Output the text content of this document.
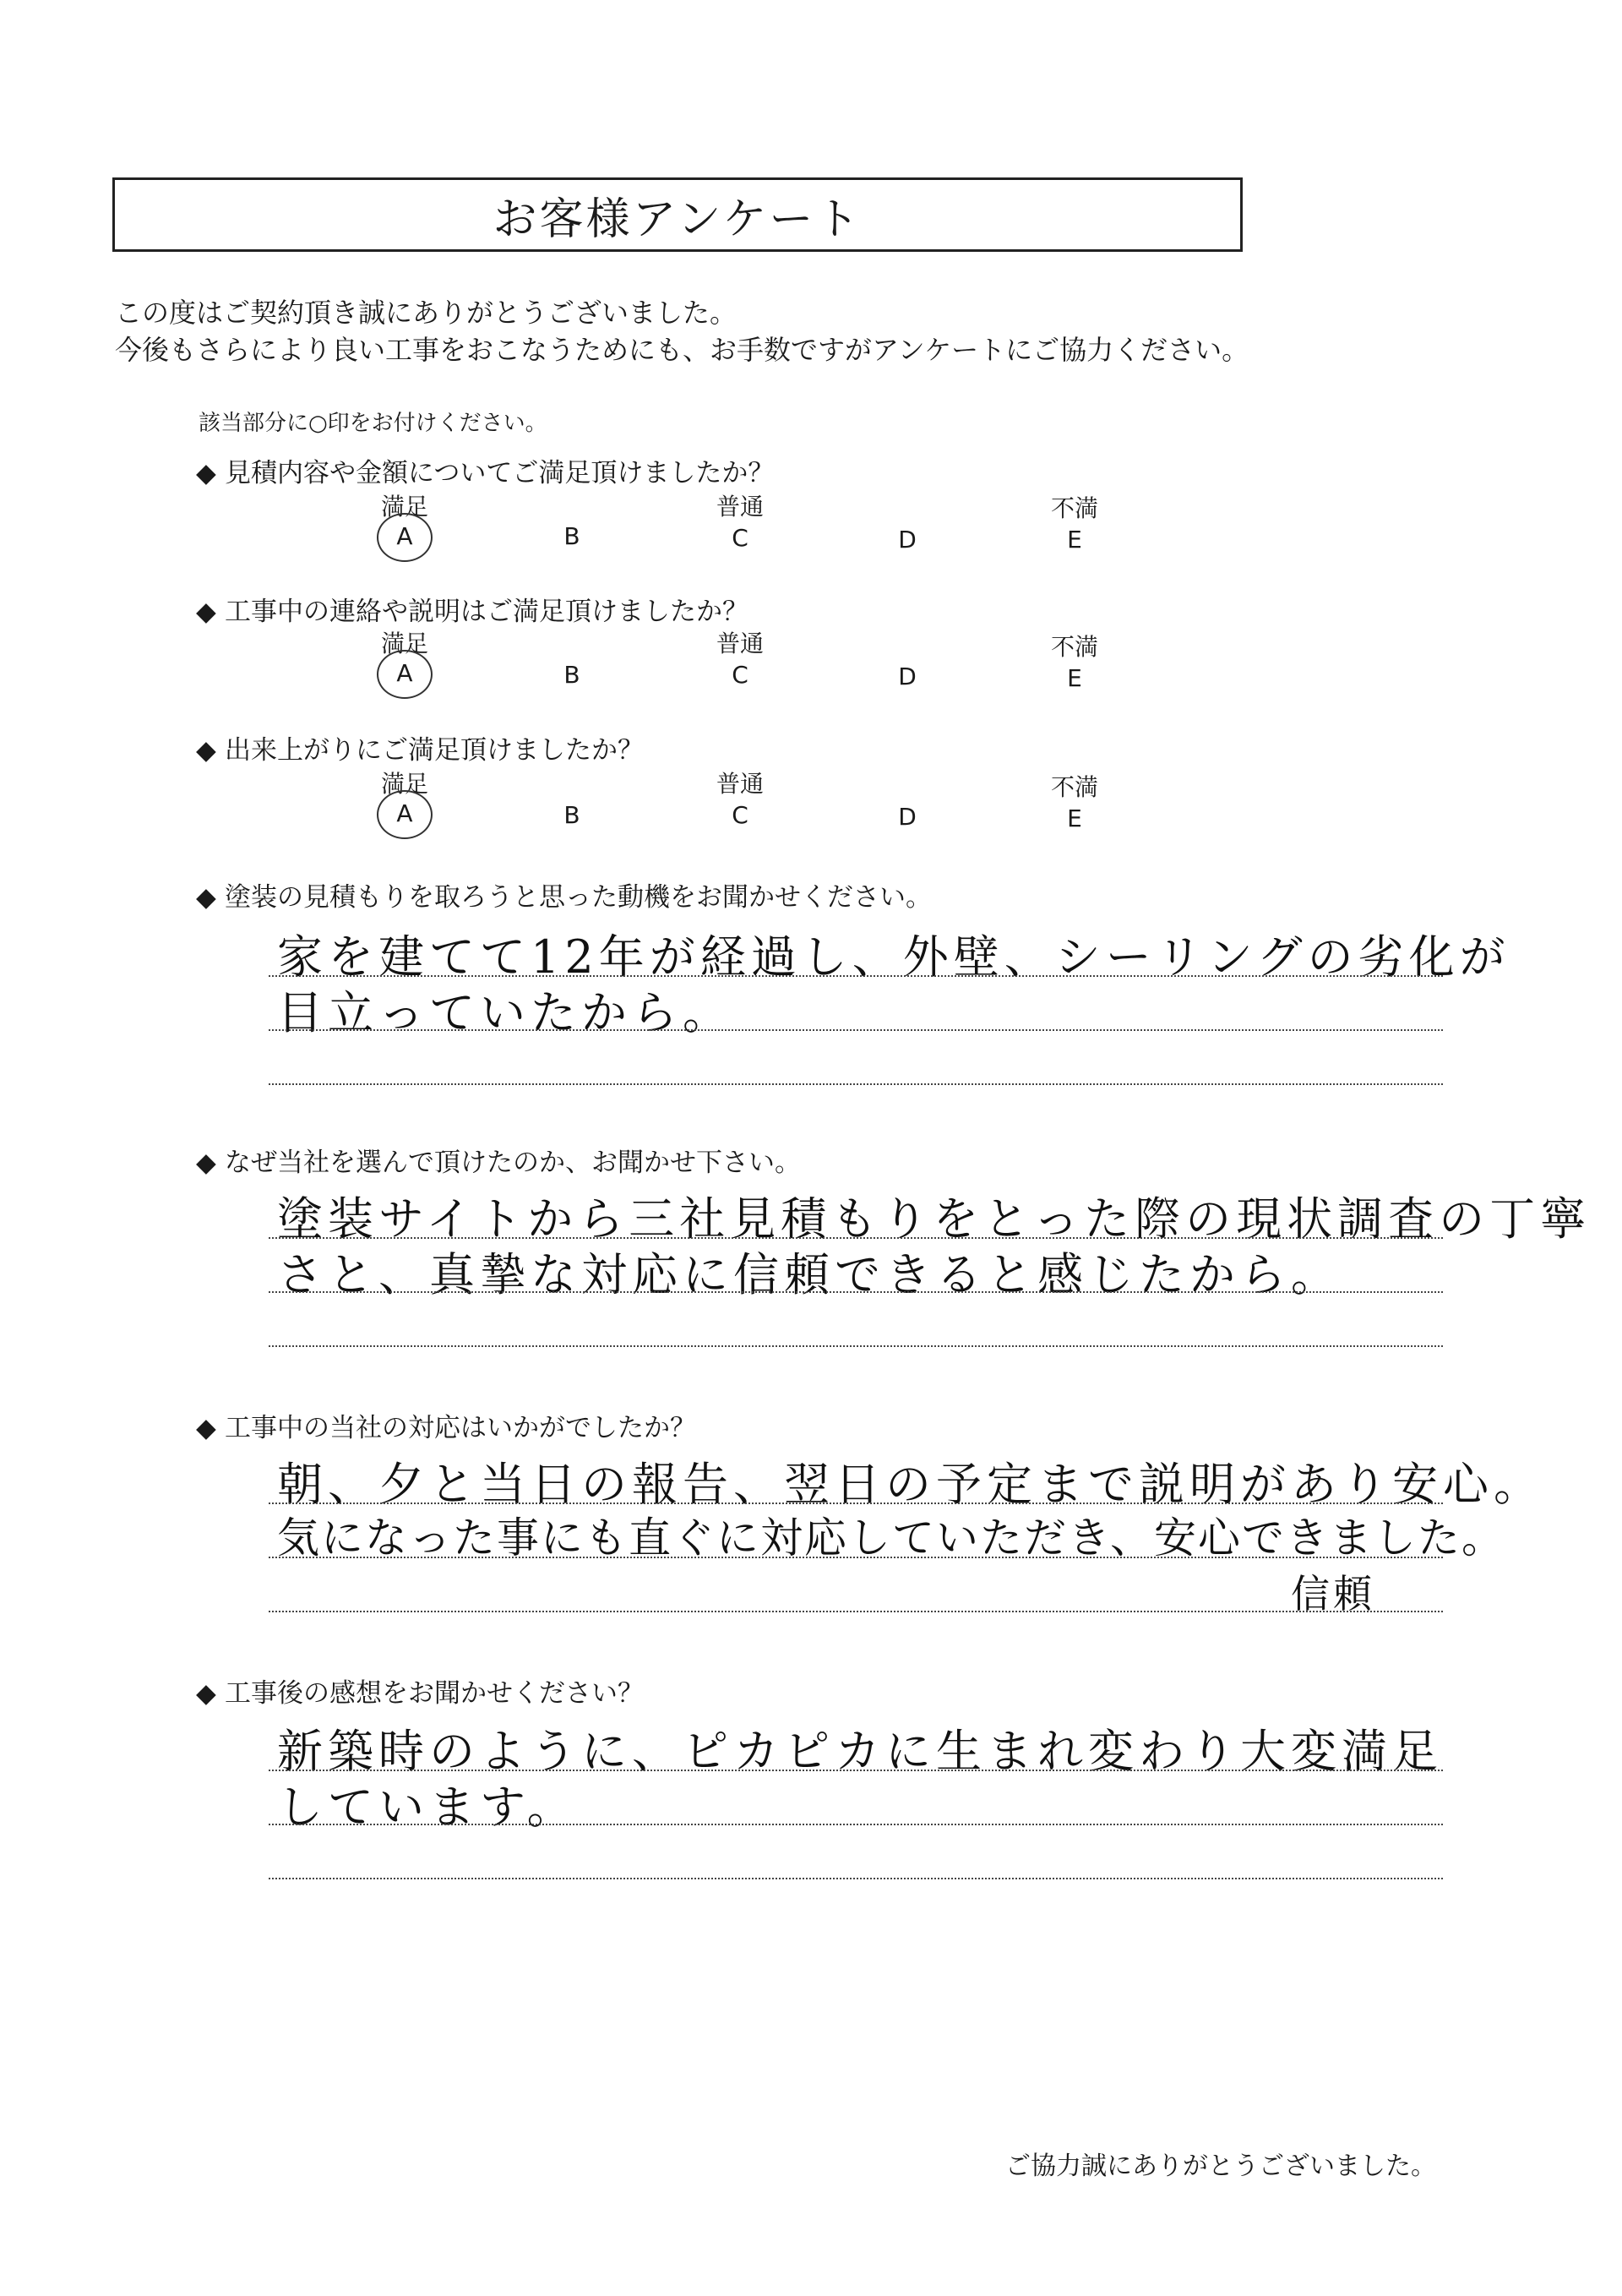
お客様アンケート
この度はご契約頂き誠にありがとうございました。
今後もさらにより良い工事をおこなうためにも、お手数ですがアンケートにご協力ください。
該当部分に○印をお付けください。
◆ 見積内容や金額についてご満足頂けましたか？
満足	普通	不満
A	B	C	D	E
◆ 工事中の連絡や説明はご満足頂けましたか？
満足	普通	不満
A	B	C	D	E
◆ 出来上がりにご満足頂けましたか？
満足	普通	不満
A	B	C	D	E
◆ 塗装の見積もりを取ろうと思った動機をお聞かせください。
家を建てて12年が経過し、外壁、シーリングの劣化が
目立っていたから。
◆ なぜ当社を選んで頂けたのか、お聞かせ下さい。
塗装サイトから三社見積もりをとった際の現状調査の丁寧
さと、真摯な対応に信頼できると感じたから。
◆ 工事中の当社の対応はいかがでしたか？
朝、夕と当日の報告、翌日の予定まで説明があり安心。
気になった事にも直ぐに対応していただき、安心できました。
信頼
◆ 工事後の感想をお聞かせください？
新築時のように、ピカピカに生まれ変わり大変満足
しています。
ご協力誠にありがとうございました。
